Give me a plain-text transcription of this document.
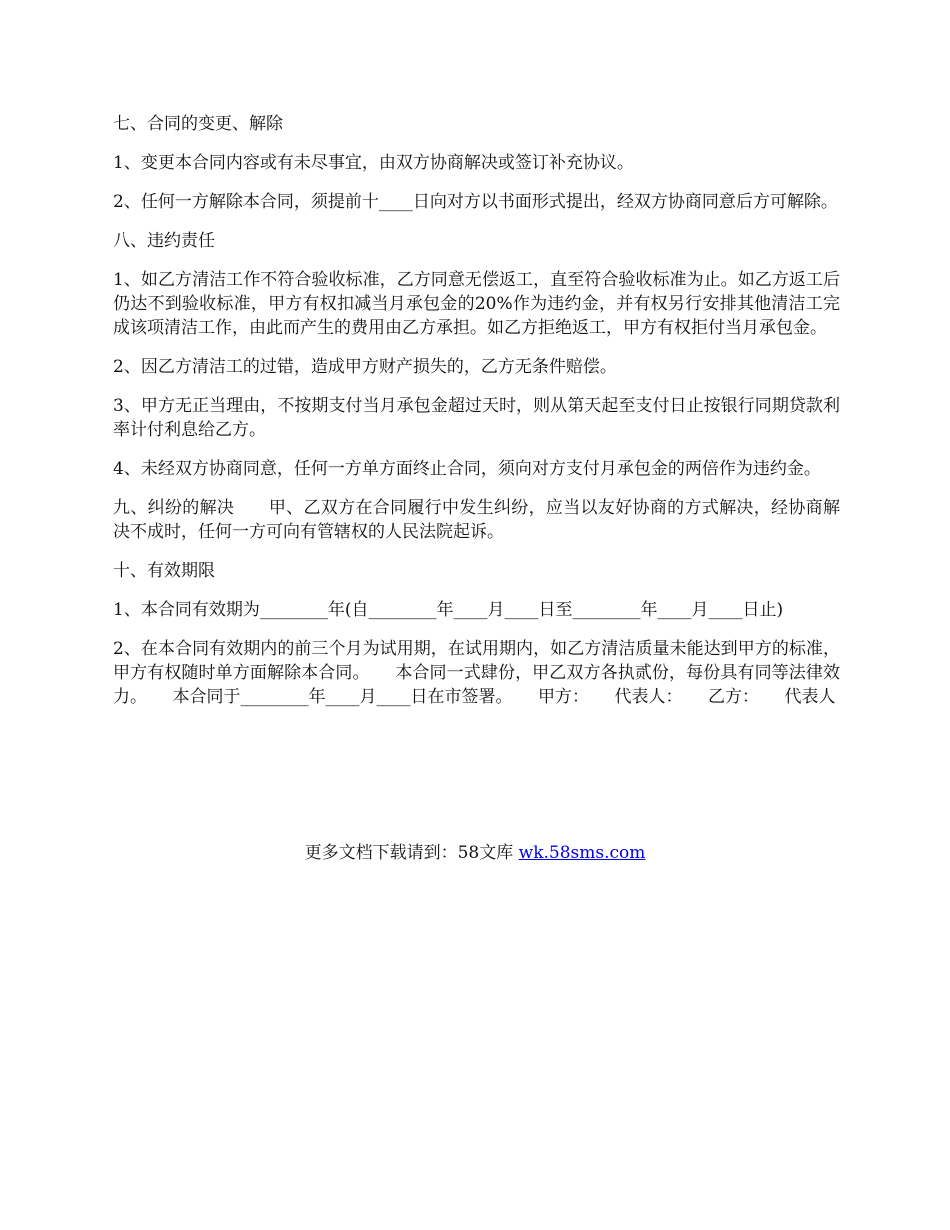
七、合同的变更、解除

1、变更本合同内容或有未尽事宜，由双方协商解决或签订补充协议。

2、任何一方解除本合同，须提前十____日向对方以书面形式提出，经双方协商同意后方可解除。

八、违约责任

1、如乙方清洁工作不符合验收标准，乙方同意无偿返工，直至符合验收标准为止。如乙方返工后仍达不到验收标准，甲方有权扣减当月承包金的20%作为违约金，并有权另行安排其他清洁工完成该项清洁工作，由此而产生的费用由乙方承担。如乙方拒绝返工，甲方有权拒付当月承包金。

2、因乙方清洁工的过错，造成甲方财产损失的，乙方无条件赔偿。

3、甲方无正当理由，不按期支付当月承包金超过天时，则从第天起至支付日止按银行同期贷款利率计付利息给乙方。

4、未经双方协商同意，任何一方单方面终止合同，须向对方支付月承包金的两倍作为违约金。

九、纠纷的解决　　甲、乙双方在合同履行中发生纠纷，应当以友好协商的方式解决，经协商解决不成时，任何一方可向有管辖权的人民法院起诉。

十、有效期限

1、本合同有效期为________年(自________年____月____日至________年____月____日止)

2、在本合同有效期内的前三个月为试用期，在试用期内，如乙方清洁质量未能达到甲方的标准，甲方有权随时单方面解除本合同。　　本合同一式肆份，甲乙双方各执贰份，每份具有同等法律效力。　　本合同于________年____月____日在市签署。　　甲方：　　代表人：　　乙方：　　代表人

更多文档下载请到：58文库 wk.58sms.com
